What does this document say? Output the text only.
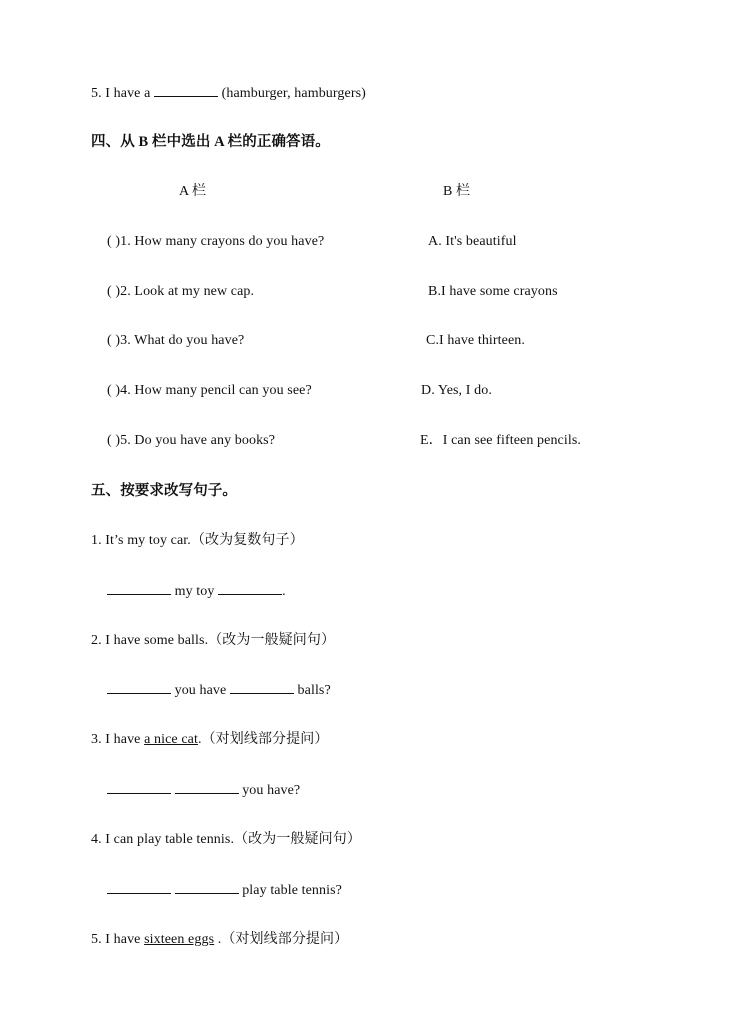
5. I have a	(hamburger, hamburgers)
四、从 B 栏中选出 A 栏的正确答语。
A 栏	B 栏
( )1. How many crayons do you have?	A. It's beautiful
( )2. Look at my new cap.	B.I have some crayons
( )3. What do you have?	C.I have thirteen.
( )4. How many pencil can you see?	D. Yes, I do.
( )5. Do you have any books?	E．I can see fifteen pencils.
五、按要求改写句子。
1. It’s my toy car.（改为复数句子）
my toy	.
2. I have some balls.（改为一般疑问句）
you have	balls?
3. I have a nice cat.（对划线部分提问）
you have?
4. I can play table tennis.（改为一般疑问句）
play table tennis?
5. I have sixteen eggs .（对划线部分提问）
